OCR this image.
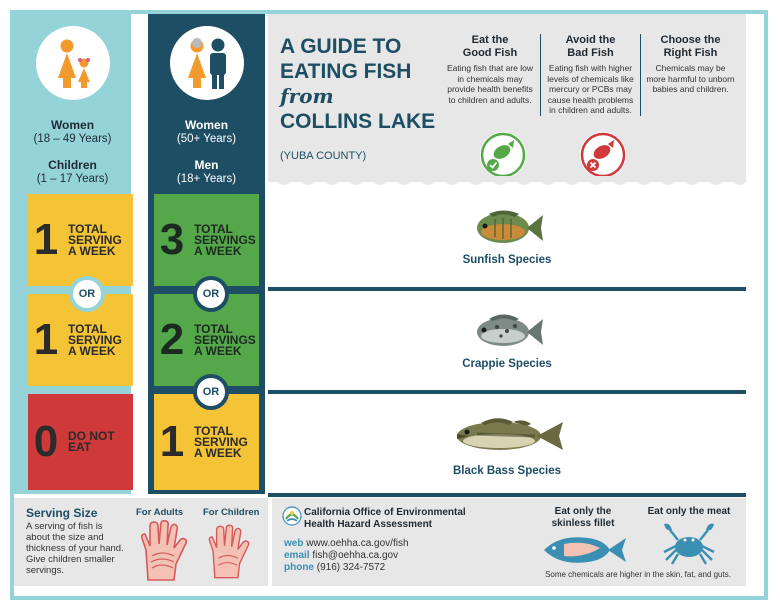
Women
(18 – 49 Years)
Children
(1 – 17 Years)
Women
(50+ Years)
Men
(18+ Years)
1 TOTAL SERVING A WEEK
1 TOTAL SERVING A WEEK
0 DO NOT EAT
3 TOTAL SERVINGS A WEEK
2 TOTAL SERVINGS A WEEK
1 TOTAL SERVING A WEEK
OR	OR
OR
A GUIDE TO
EATING FISH
from
COLLINS LAKE
(YUBA COUNTY)
Eat the
Good Fish

Eating fish that are low in chemicals may provide health benefits to children and adults.

Avoid the
Bad Fish

Eating fish with higher levels of chemicals like mercury or PCBs may cause health problems in children and adults.

Choose the
Right Fish

Chemicals may be more harmful to unborn babies and children.

Sunfish Species
Crappie Species
Black Bass Species
Serving Size
A serving of fish is about the size and thickness of your hand. Give children smaller servings.
For Adults For Children	California Office of Environmental
Health Hazard Assessment
web www.oehha.ca.gov/fish
email fish@oehha.ca.gov
phone (916) 324-7572
Eat only the
skinless fillet
Eat only the meat
Some chemicals are higher in the skin, fat, and guts.
